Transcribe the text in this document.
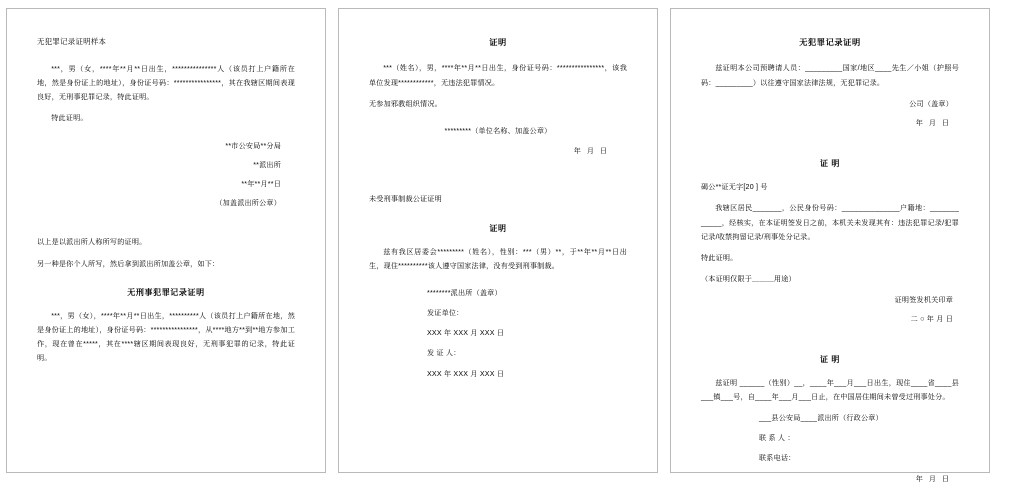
无犯罪记录证明样本

***，男（女，****年**月**日出生，***************人（该员打上户籍所在地，然是身份证上的地址），身份证号码：****************，其在我辖区期间表现良好，无刑事犯罪记录，特此证明。

特此证明。

**市公安局**分局

**派出所

**年**月**日

（加盖派出所公章）

以上是以派出所人称所写的证明。

另一种是你个人所写，然后拿到派出所加盖公章，如下：

无刑事犯罪记录证明

***，男（女），****年**月**日出生，**********人（该员打上户籍所在地，然是身份证上的地址），身份证号码：****************，从****地方**到**地方参加工作，现在曾在*****，其在****辖区期间表现良好，无刑事犯罪的记录，特此证明。

证明

***（姓名），男，****年**月**日出生，身份证号码：****************，该我单位发现************，无违法犯罪情况。

无参加邪教组织情况。

*********（单位名称、加盖公章）

年 月 日

未受刑事制裁公证证明
证明

兹有我区居委会*********（姓名），性别：***（男）**，于**年**月**日出生，现住**********该人遵守国家法律，没有受到刑事制裁。

********派出所（盖章）

发证单位：

XXX 年 XXX 月 XXX 日

发 证 人：

XXX 年 XXX 月 XXX 日

无犯罪记录证明

兹证明本公司预聘请人员：_________国家/地区____先生／小姐（护照号码：_________）以往遵守国家法律法规，无犯罪记录。

公司（盖章）

年 月 日

证 明

碣公**证无字[20 ] 号

我辖区居民_______，公民身份号码：______________户籍地：____________，经核实，在本证明签发日之前，本机关未发现其有：违法犯罪记录/犯罪记录/收禁拘留记录/刑事处分记录。

特此证明。

（本证明仅限于＿＿＿用途）

证明签发机关印章

二 ○ 年 月 日

证 明

兹证明 ______（性别）__，____年___月___日出生，现住____省____县___镇___号，自____年___月___日止，在中国居住期间未曾受过刑事处分。

___县公安局____派出所（行政公章）

联 系 人 ：

联系电话：

年 月 日
